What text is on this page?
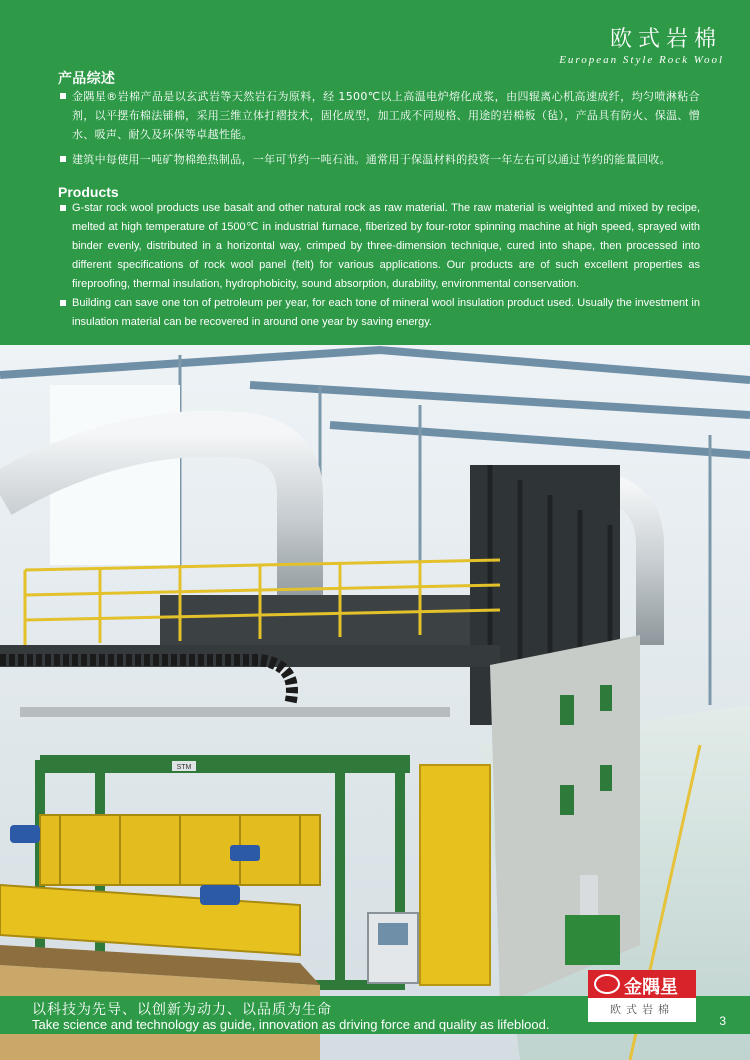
欧式岩棉
European Style Rock Wool
产品综述
金隅星®岩棉产品是以玄武岩等天然岩石为原料，经 1500℃以上高温电炉熔化成浆，由四辊离心机高速成纤，均匀喷淋粘合剂，以平摆布棉法铺棉，采用三维立体打褶技术，固化成型，加工成不同规格、用途的岩棉板（毡），产品具有防火、保温、憎水、吸声、耐久及环保等卓越性能。
建筑中每使用一吨矿物棉绝热制品，一年可节约一吨石油。通常用于保温材料的投资一年左右可以通过节约的能量回收。
Products
G-star rock wool products use basalt and other natural rock as raw material. The raw material is weighted and mixed by recipe, melted at high temperature of 1500℃ in industrial furnace, fiberized by four-rotor spinning machine at high speed, sprayed with binder evenly, distributed in a horizontal way, crimped by three-dimension technique, cured into shape, then processed into different specifications of rock wool panel (felt) for various applications. Our products are of such excellent properties as fireproofing, thermal insulation, hydrophobicity, sound absorption, durability, environmental conservation.
Building can save one ton of petroleum per year, for each tone of mineral wool insulation product used. Usually the investment in insulation material can be recovered in around one year by saving energy.
STM
以科技为先导、以创新为动力、以品质为生命
Take science and technology as guide, innovation as driving force and quality as lifeblood.	3
金隅星
欧式岩棉
